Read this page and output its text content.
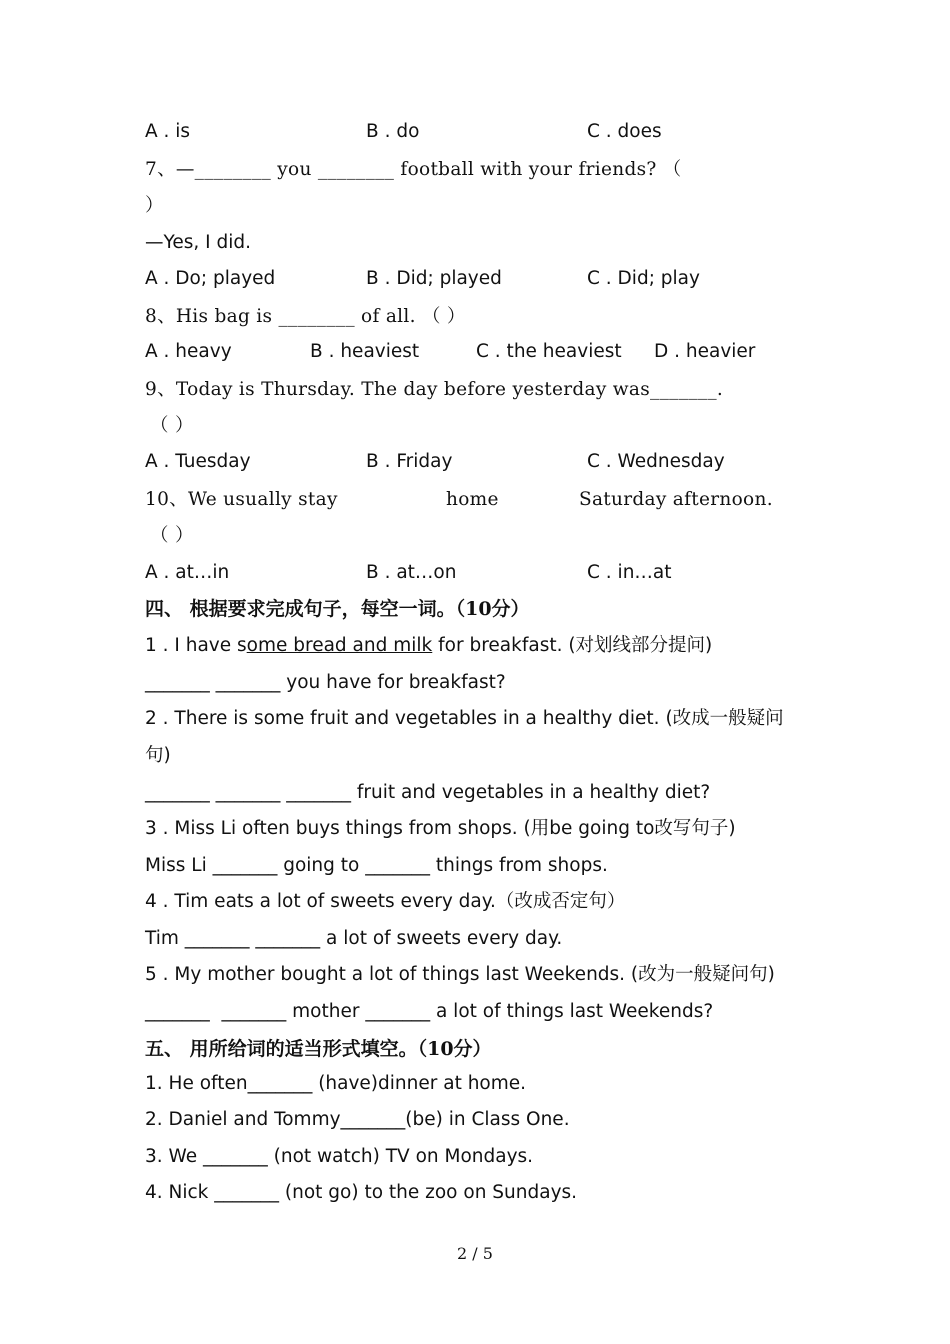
A . is	B . do	C . does
7、—________ you ________ football with your friends? （
）
—Yes, I did.
A . Do; played	B . Did; played	C . Did; play
8、His bag is ________ of all. （ ）
A . heavy	B . heaviest	C . the heaviest D . heavier
9、Today is Thursday. The day before yesterday was_______.
（ ）
A . Tuesday	B . Friday	C . Wednesday
10、We usually stay	home	Saturday afternoon.
（ ）
A . at…in	B . at…on	C . in…at
四、 根据要求完成句子，每空一词。（10分）
1 . I have some bread and milk for breakfast. (对划线部分提问)
_______ _______ you have for breakfast?
2 . There is some fruit and vegetables in a healthy diet. (改成一般疑问
句)
_______ _______ _______ fruit and vegetables in a healthy diet?
3 . Miss Li often buys things from shops. (用be going to改写句子)
Miss Li _______ going to _______ things from shops.
4 . Tim eats a lot of sweets every day.（改成否定句）
Tim _______ _______ a lot of sweets every day.
5 . My mother bought a lot of things last Weekends. (改为一般疑问句)
_______  _______ mother _______ a lot of things last Weekends?
五、 用所给词的适当形式填空。（10分）
1. He often_______ (have)dinner at home.
2. Daniel and Tommy_______(be) in Class One.
3. We _______ (not watch) TV on Mondays.
4. Nick _______ (not go) to the zoo on Sundays.
2 / 5
